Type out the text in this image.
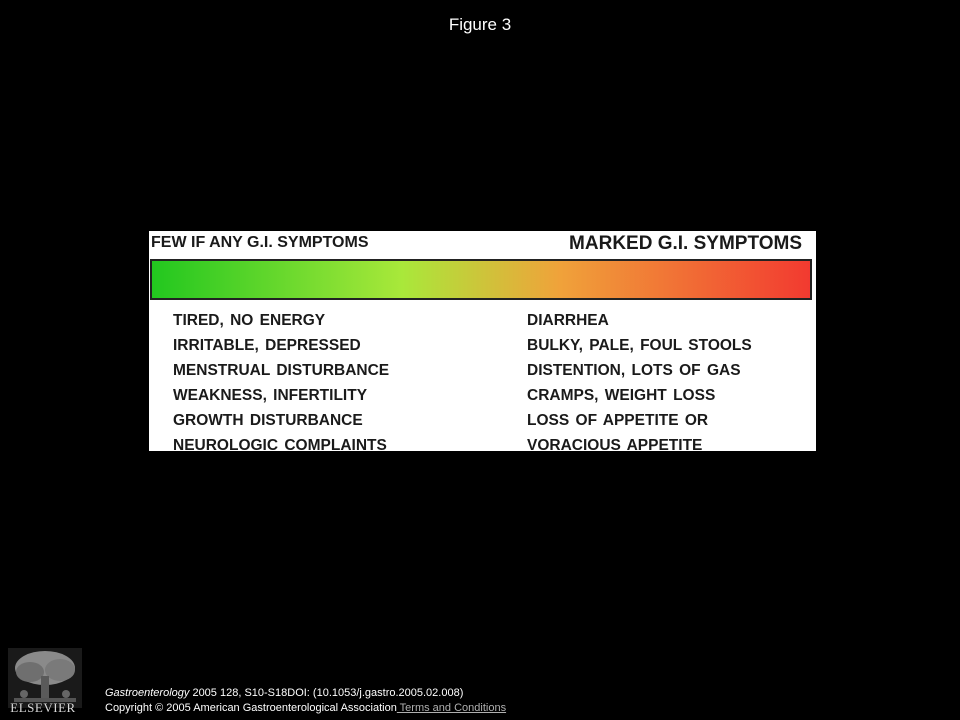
Figure 3
FEW IF ANY G.I. SYMPTOMS	MARKED G.I. SYMPTOMS
TIRED, NO ENERGY
IRRITABLE, DEPRESSED
MENSTRUAL DISTURBANCE
WEAKNESS, INFERTILITY
GROWTH DISTURBANCE
NEUROLOGIC COMPLAINTS
DIARRHEA
BULKY, PALE, FOUL STOOLS
DISTENTION, LOTS OF GAS
CRAMPS, WEIGHT LOSS
LOSS OF APPETITE OR
VORACIOUS APPETITE
ELSEVIER
Gastroenterology 2005 128, S10-S18DOI: (10.1053/j.gastro.2005.02.008)
Copyright © 2005 American Gastroenterological Association Terms and Conditions
